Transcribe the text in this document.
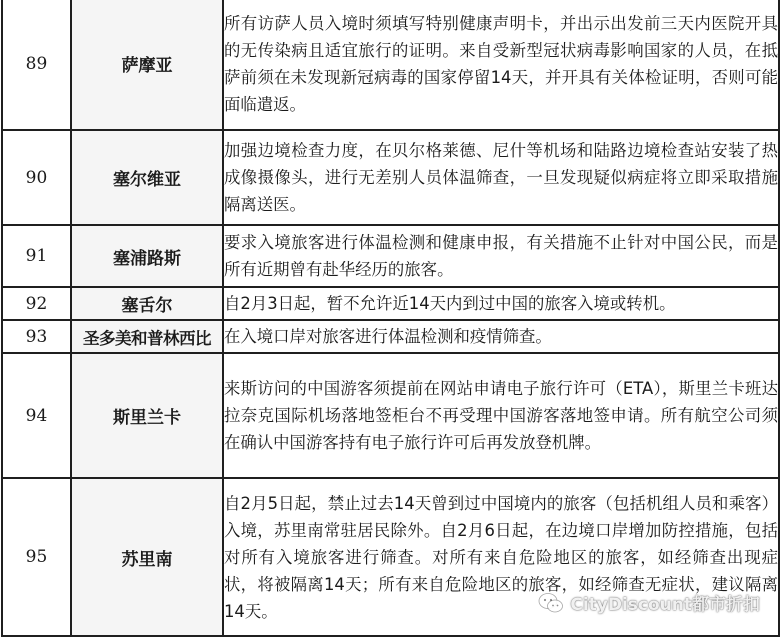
89	萨摩亚	所有访萨人员入境时须填写特别健康声明卡，并出示出发前三天内医院开具的无传染病且适宜旅行的证明。来自受新型冠状病毒影响国家的人员，在抵萨前须在未发现新冠病毒的国家停留14天，并开具有关体检证明，否则可能面临遣返。
90	塞尔维亚	加强边境检查力度，在贝尔格莱德、尼什等机场和陆路边境检查站安装了热成像摄像头，进行无差别人员体温筛查，一旦发现疑似病症将立即采取措施隔离送医。
91	塞浦路斯	要求入境旅客进行体温检测和健康申报，有关措施不止针对中国公民，而是所有近期曾有赴华经历的旅客。
92	塞舌尔	自2月3日起，暂不允许近14天内到过中国的旅客入境或转机。
93	圣多美和普林西比	在入境口岸对旅客进行体温检测和疫情筛查。
94	斯里兰卡	来斯访问的中国游客须提前在网站申请电子旅行许可（ETA），斯里兰卡班达拉奈克国际机场落地签柜台不再受理中国游客落地签申请。所有航空公司须在确认中国游客持有电子旅行许可后再发放登机牌。
95	苏里南	自2月5日起，禁止过去14天曾到过中国境内的旅客（包括机组人员和乘客）入境，苏里南常驻居民除外。自2月6日起，在边境口岸增加防控措施，包括对所有入境旅客进行筛查。对所有来自危险地区的旅客，如经筛查出现症状，将被隔离14天；所有来自危险地区的旅客，如经筛查无症状，建议隔离14天。	CityDiscount都市折扣
